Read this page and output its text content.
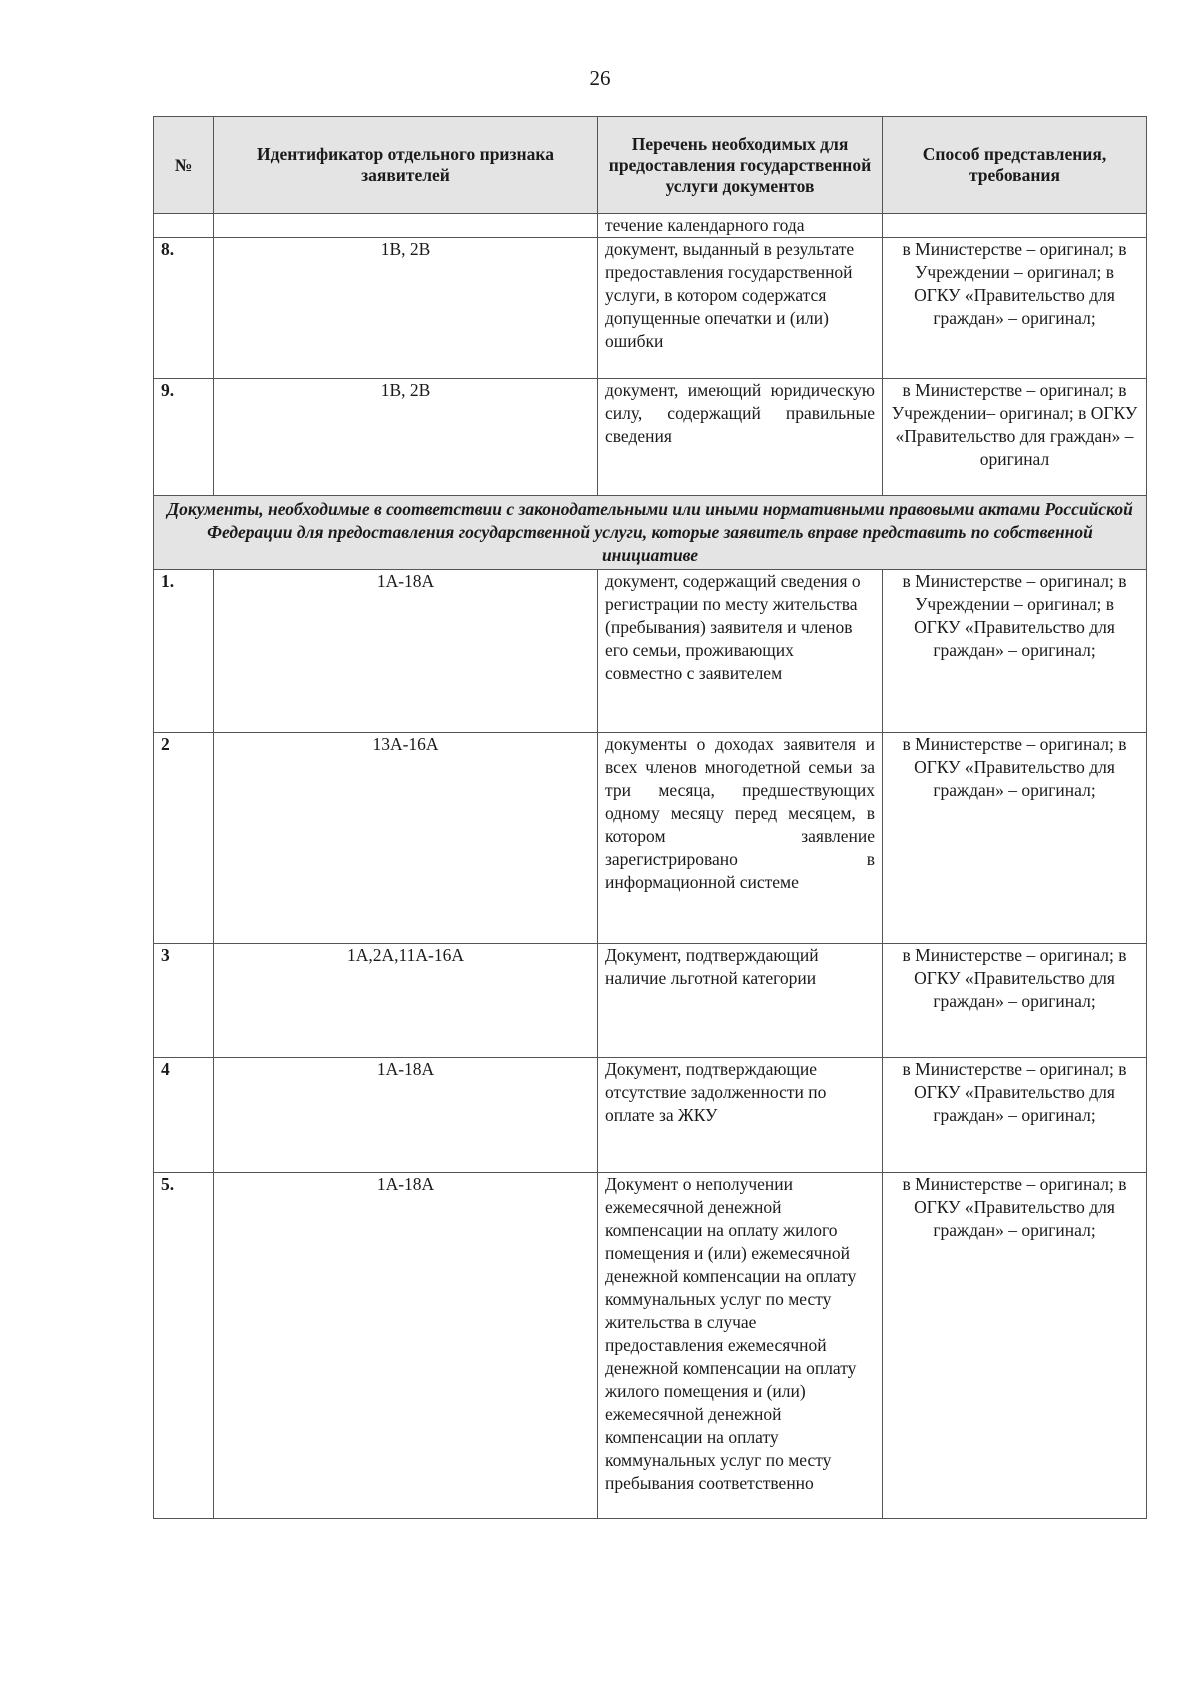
26
№	Идентификатор отдельного признака заявителей	Перечень необходимых для предоставления государственной услуги документов	Способ представления, требования
		течение календарного года	
8.	1В, 2В	документ, выданный в результате предоставления государственной услуги, в котором содержатся допущенные опечатки и (или) ошибки	в Министерстве – оригинал; в Учреждении – оригинал; в ОГКУ «Правительство для граждан» – оригинал;
9.	1В, 2В	документ, имеющий юридическую силу, содержащий правильные сведения	в Министерстве – оригинал; в Учреждении– оригинал; в ОГКУ «Правительство для граждан» – оригинал
Документы, необходимые в соответствии с законодательными или иными нормативными правовыми актами Российской Федерации для предоставления государственной услуги, которые заявитель вправе представить по собственной инициативе			
1.	1А-18А	документ, содержащий сведения о регистрации по месту жительства (пребывания) заявителя и членов его семьи, проживающих совместно с заявителем	в Министерстве – оригинал; в Учреждении – оригинал; в ОГКУ «Правительство для граждан» – оригинал;
2	13А-16А	документы о доходах заявителя и всех членов многодетной семьи за три месяца, предшествующих одному месяцу перед месяцем, в котором заявление зарегистрировано в информационной системе	в Министерстве – оригинал; в ОГКУ «Правительство для граждан» – оригинал;
3	1А,2А,11А-16А	Документ, подтверждающий наличие льготной категории	в Министерстве – оригинал; в ОГКУ «Правительство для граждан» – оригинал;
4	1А-18А	Документ, подтверждающие отсутствие задолженности по оплате за ЖКУ	в Министерстве – оригинал; в ОГКУ «Правительство для граждан» – оригинал;
5.	1А-18А	Документ о неполучении ежемесячной денежной компенсации на оплату жилого помещения и (или) ежемесячной денежной компенсации на оплату коммунальных услуг по месту жительства в случае предоставления ежемесячной денежной компенсации на оплату жилого помещения и (или) ежемесячной денежной компенсации на оплату коммунальных услуг по месту пребывания соответственно	в Министерстве – оригинал; в ОГКУ «Правительство для граждан» – оригинал;
